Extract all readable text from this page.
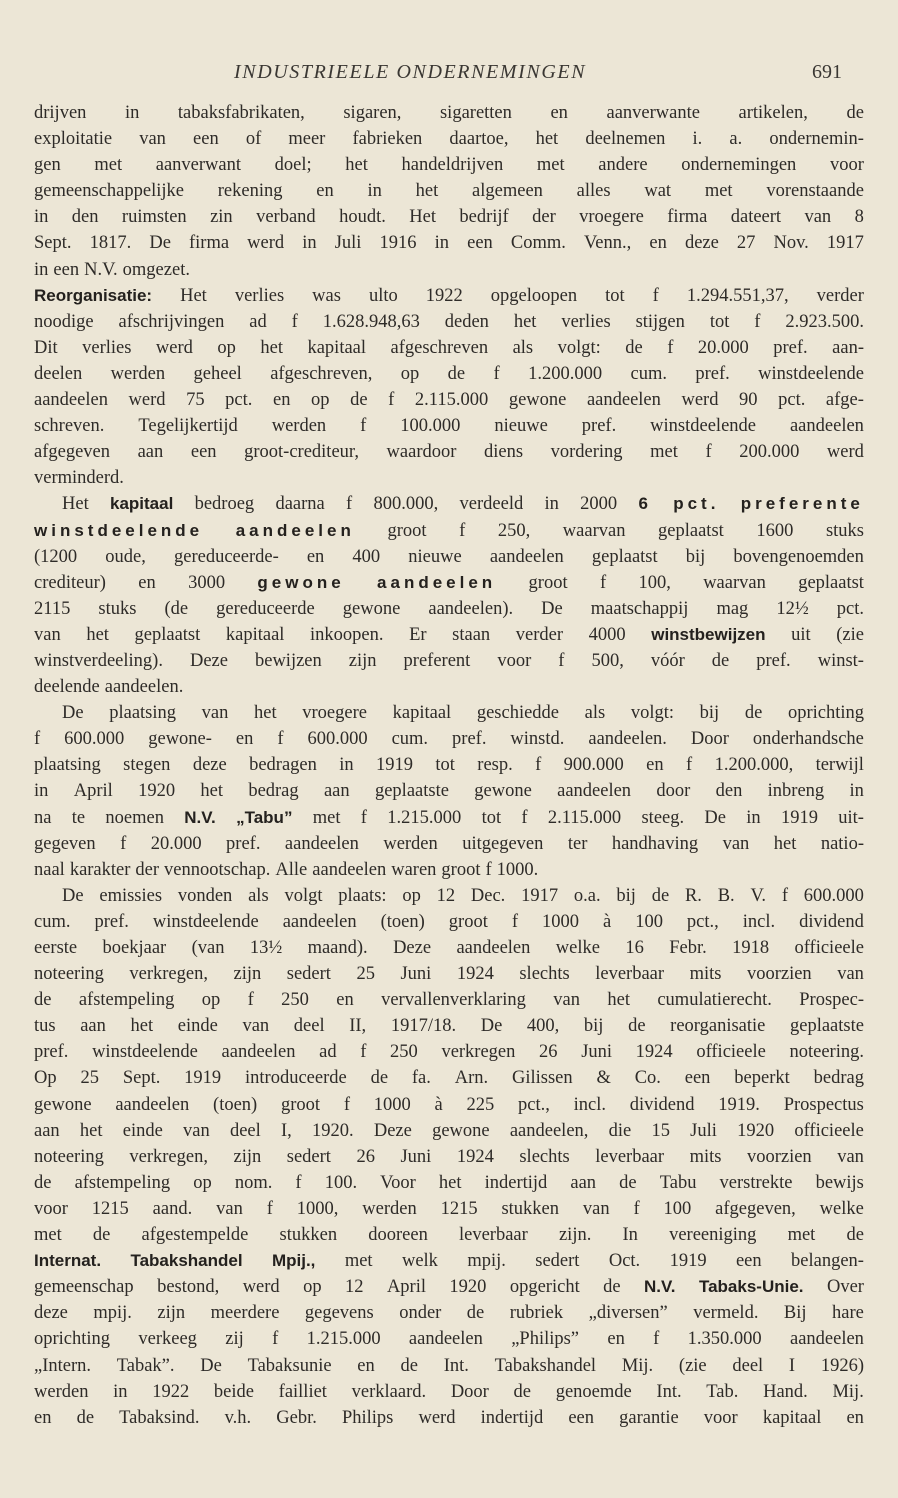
INDUSTRIEELE ONDERNEMINGEN	691
drijven in tabaksfabrikaten, sigaren, sigaretten en aanverwante artikelen, de
exploitatie van een of meer fabrieken daartoe, het deelnemen i. a. ondernemin-
gen met aanverwant doel; het handeldrijven met andere ondernemingen voor
gemeenschappelijke rekening en in het algemeen alles wat met vorenstaande
in den ruimsten zin verband houdt. Het bedrijf der vroegere firma dateert van 8
Sept. 1817. De firma werd in Juli 1916 in een Comm. Venn., en deze 27 Nov. 1917
in een N.V. omgezet.
Reorganisatie: Het verlies was ulto 1922 opgeloopen tot f 1.294.551,37, verder
noodige afschrijvingen ad f 1.628.948,63 deden het verlies stijgen tot f 2.923.500.
Dit verlies werd op het kapitaal afgeschreven als volgt: de f 20.000 pref. aan-
deelen werden geheel afgeschreven, op de f 1.200.000 cum. pref. winstdeelende
aandeelen werd 75 pct. en op de f 2.115.000 gewone aandeelen werd 90 pct. afge-
schreven. Tegelijkertijd werden f 100.000 nieuwe pref. winstdeelende aandeelen
afgegeven aan een groot-crediteur, waardoor diens vordering met f 200.000 werd
verminderd.
Het kapitaal bedroeg daarna f 800.000, verdeeld in 2000 6 pct. preferente
winstdeelende aandeelen groot f 250, waarvan geplaatst 1600 stuks
(1200 oude, gereduceerde- en 400 nieuwe aandeelen geplaatst bij bovengenoemden
crediteur) en 3000 gewone aandeelen groot f 100, waarvan geplaatst
2115 stuks (de gereduceerde gewone aandeelen). De maatschappij mag 12½ pct.
van het geplaatst kapitaal inkoopen. Er staan verder 4000 winstbewijzen uit (zie
winstverdeeling). Deze bewijzen zijn preferent voor f 500, vóór de pref. winst-
deelende aandeelen.
De plaatsing van het vroegere kapitaal geschiedde als volgt: bij de oprichting
f 600.000 gewone- en f 600.000 cum. pref. winstd. aandeelen. Door onderhandsche
plaatsing stegen deze bedragen in 1919 tot resp. f 900.000 en f 1.200.000, terwijl
in April 1920 het bedrag aan geplaatste gewone aandeelen door den inbreng in
na te noemen N.V. „Tabu” met f 1.215.000 tot f 2.115.000 steeg. De in 1919 uit-
gegeven f 20.000 pref. aandeelen werden uitgegeven ter handhaving van het natio-
naal karakter der vennootschap. Alle aandeelen waren groot f 1000.
De emissies vonden als volgt plaats: op 12 Dec. 1917 o.a. bij de R. B. V. f 600.000
cum. pref. winstdeelende aandeelen (toen) groot f 1000 à 100 pct., incl. dividend
eerste boekjaar (van 13½ maand). Deze aandeelen welke 16 Febr. 1918 officieele
noteering verkregen, zijn sedert 25 Juni 1924 slechts leverbaar mits voorzien van
de afstempeling op f 250 en vervallenverklaring van het cumulatierecht. Prospec-
tus aan het einde van deel II, 1917/18. De 400, bij de reorganisatie geplaatste
pref. winstdeelende aandeelen ad f 250 verkregen 26 Juni 1924 officieele noteering.
Op 25 Sept. 1919 introduceerde de fa. Arn. Gilissen & Co. een beperkt bedrag
gewone aandeelen (toen) groot f 1000 à 225 pct., incl. dividend 1919. Prospectus
aan het einde van deel I, 1920. Deze gewone aandeelen, die 15 Juli 1920 officieele
noteering verkregen, zijn sedert 26 Juni 1924 slechts leverbaar mits voorzien van
de afstempeling op nom. f 100. Voor het indertijd aan de Tabu verstrekte bewijs
voor 1215 aand. van f 1000, werden 1215 stukken van f 100 afgegeven, welke
met de afgestempelde stukken dooreen leverbaar zijn. In vereeniging met de
Internat. Tabakshandel Mpij., met welk mpij. sedert Oct. 1919 een belangen-
gemeenschap bestond, werd op 12 April 1920 opgericht de N.V. Tabaks-Unie. Over
deze mpij. zijn meerdere gegevens onder de rubriek „diversen” vermeld. Bij hare
oprichting verkeeg zij f 1.215.000 aandeelen „Philips” en f 1.350.000 aandeelen
„Intern. Tabak”. De Tabaksunie en de Int. Tabakshandel Mij. (zie deel I 1926)
werden in 1922 beide failliet verklaard. Door de genoemde Int. Tab. Hand. Mij.
en de Tabaksind. v.h. Gebr. Philips werd indertijd een garantie voor kapitaal en
